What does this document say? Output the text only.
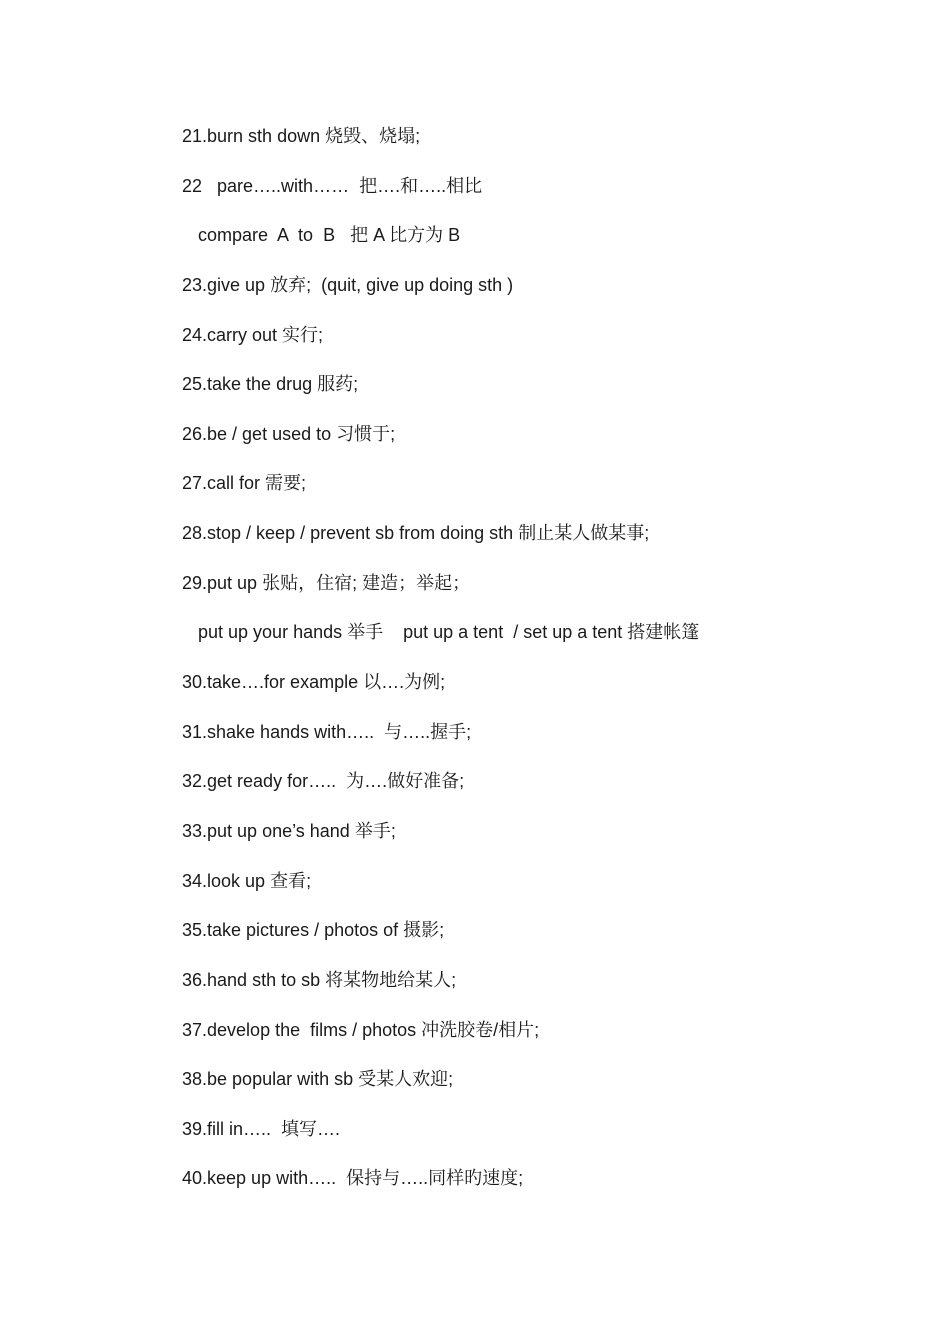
21.burn sth down 烧毁、烧塌;
22   pare…..with……  把….和…..相比
compare  A  to  B   把 A 比方为 B
23.give up 放弃;  (quit, give up doing sth )
24.carry out 实行;
25.take the drug 服药;
26.be / get used to 习惯于;
27.call for 需要;
28.stop / keep / prevent sb from doing sth 制止某人做某事;
29.put up 张贴，住宿; 建造；举起；
put up your hands 举手    put up a tent  / set up a tent 搭建帐篷
30.take….for example 以….为例;
31.shake hands with…..  与…..握手;
32.get ready for…..  为….做好准备;
33.put up one’s hand 举手;
34.look up 查看;
35.take pictures / photos of 摄影;
36.hand sth to sb 将某物地给某人;
37.develop the  films / photos 冲洗胶卷/相片;
38.be popular with sb 受某人欢迎;
39.fill in…..  填写….
40.keep up with…..  保持与…..同样旳速度;
